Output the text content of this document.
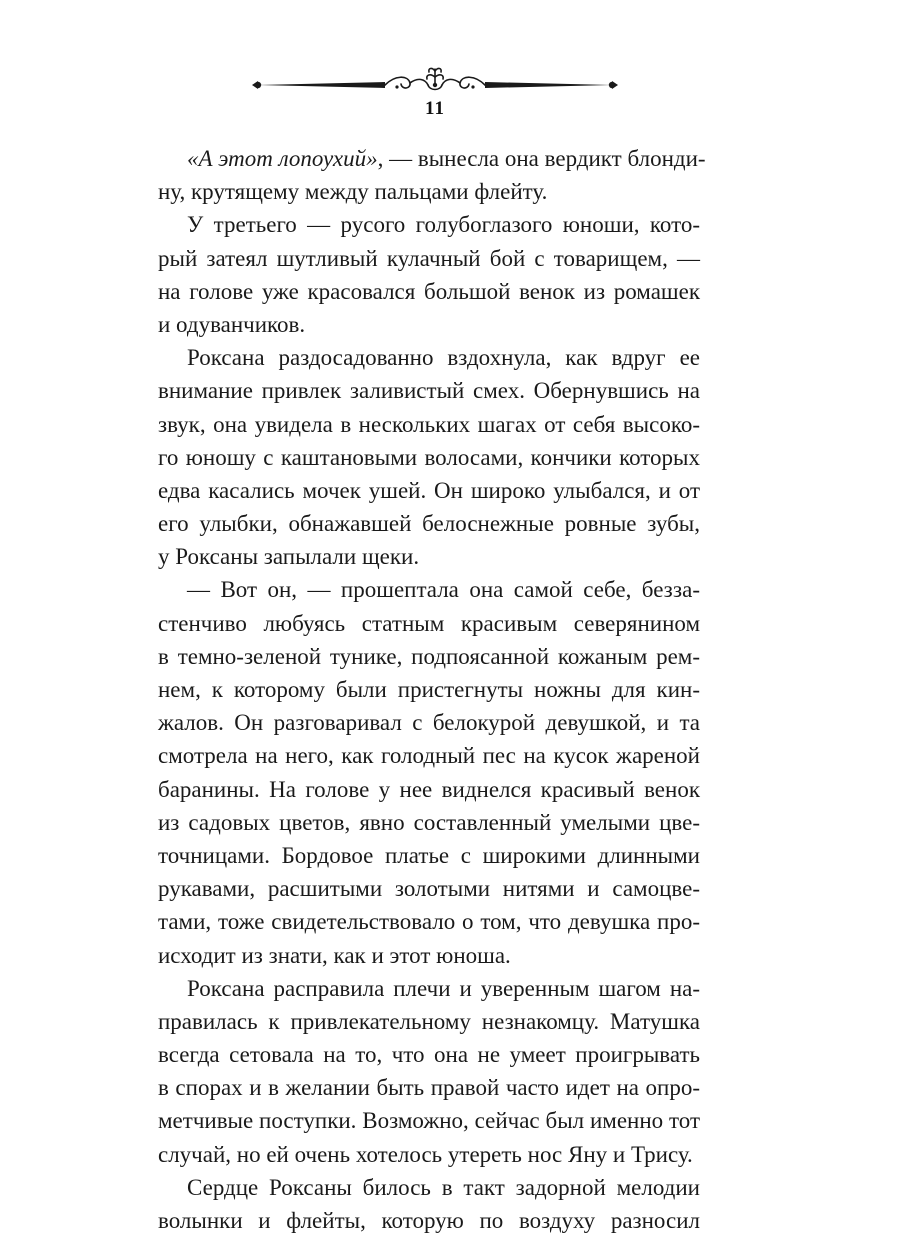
11
«А этот лопоухий», — вынесла она вердикт блонди-
ну, крутящему между пальцами флейту.
У третьего — русого голубоглазого юноши, кото-
рый затеял шутливый кулачный бой с товарищем, —
на голове уже красовался большой венок из ромашек
и одуванчиков.
Роксана раздосадованно вздохнула, как вдруг ее
внимание привлек заливистый смех. Обернувшись на
звук, она увидела в нескольких шагах от себя высоко-
го юношу с каштановыми волосами, кончики которых
едва касались мочек ушей. Он широко улыбался, и от
его улыбки, обнажавшей белоснежные ровные зубы,
у Роксаны запылали щеки.
— Вот он, — прошептала она самой себе, безза-
стенчиво любуясь статным красивым северянином
в темно-зеленой тунике, подпоясанной кожаным рем-
нем, к которому были пристегнуты ножны для кин-
жалов. Он разговаривал с белокурой девушкой, и та
смотрела на него, как голодный пес на кусок жареной
баранины. На голове у нее виднелся красивый венок
из садовых цветов, явно составленный умелыми цве-
точницами. Бордовое платье с широкими длинными
рукавами, расшитыми золотыми нитями и самоцве-
тами, тоже свидетельствовало о том, что девушка про-
исходит из знати, как и этот юноша.
Роксана расправила плечи и уверенным шагом на-
правилась к привлекательному незнакомцу. Матушка
всегда сетовала на то, что она не умеет проигрывать
в спорах и в желании быть правой часто идет на опро-
метчивые поступки. Возможно, сейчас был именно тот
случай, но ей очень хотелось утереть нос Яну и Трису.
Сердце Роксаны билось в такт задорной мелодии
волынки и флейты, которую по воздуху разносил
